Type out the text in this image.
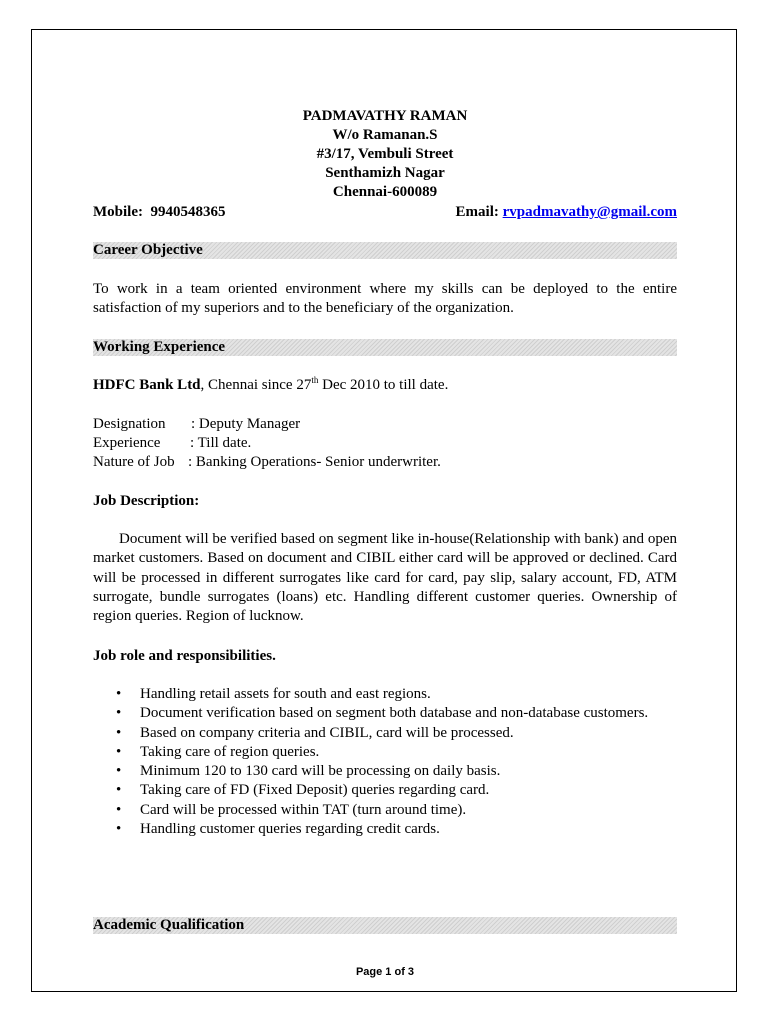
PADMAVATHY RAMAN
W/o Ramanan.S
#3/17, Vembuli Street
Senthamizh Nagar
Chennai-600089
Mobile: 9940548365	Email: rvpadmavathy@gmail.com
Career Objective
To work in a team oriented environment where my skills can be deployed to the entire satisfaction of my superiors and to the beneficiary of the organization.
Working Experience
HDFC Bank Ltd, Chennai since 27th Dec 2010 to till date.
Designation	: Deputy Manager
Experience	: Till date.
Nature of Job : Banking Operations- Senior underwriter.
Job Description:
Document will be verified based on segment like in-house(Relationship with bank) and open market customers. Based on document and CIBIL either card will be approved or declined. Card will be processed in different surrogates like card for card, pay slip, salary account, FD, ATM surrogate, bundle surrogates (loans) etc. Handling different customer queries. Ownership of region queries. Region of lucknow.
Job role and responsibilities.
• Handling retail assets for south and east regions.
• Document verification based on segment both database and non-database customers.
• Based on company criteria and CIBIL, card will be processed.
• Taking care of region queries.
• Minimum 120 to 130 card will be processing on daily basis.
• Taking care of FD (Fixed Deposit) queries regarding card.
• Card will be processed within TAT (turn around time).
• Handling customer queries regarding credit cards.
Academic Qualification
Page 1 of 3
